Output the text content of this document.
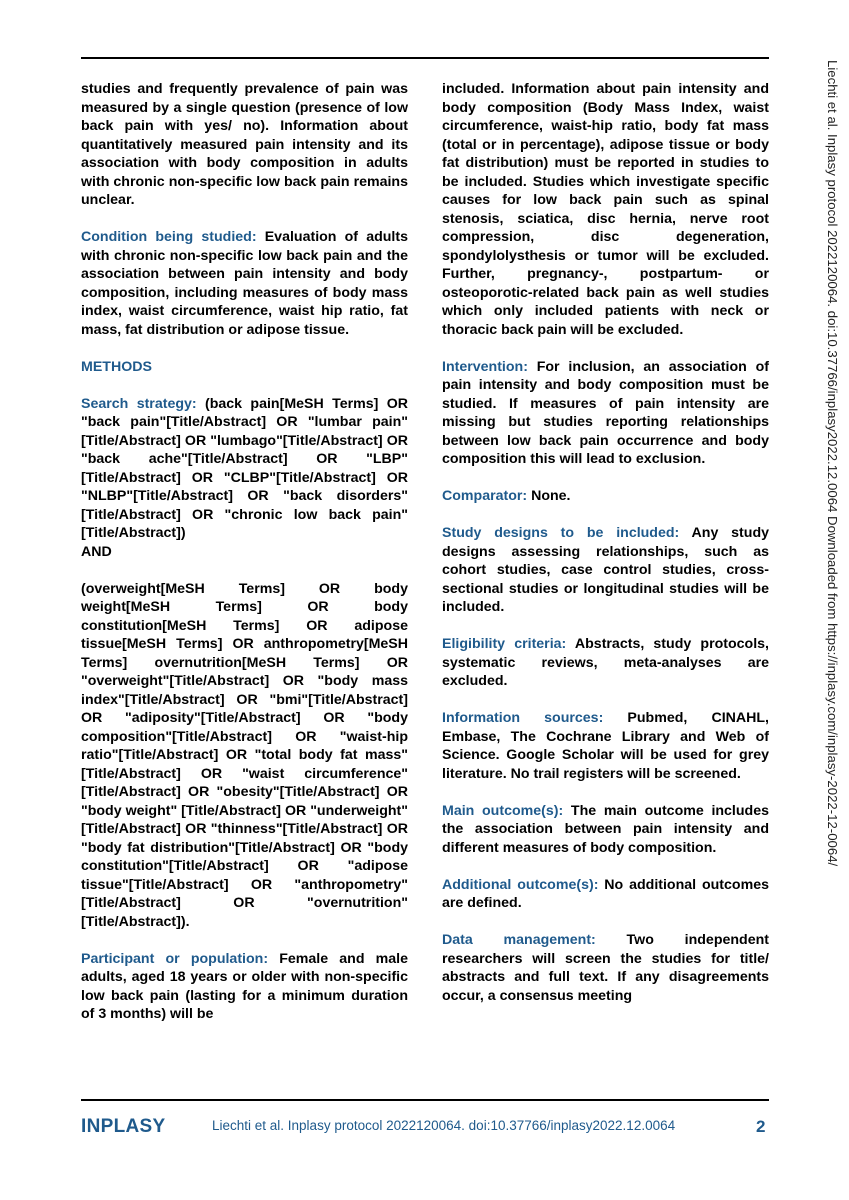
studies and frequently prevalence of pain was measured by a single question (presence of low back pain with yes/ no). Information about quantitatively measured pain intensity and its association with body composition in adults with chronic non-specific low back pain remains unclear.

Condition being studied: Evaluation of adults with chronic non-specific low back pain and the association between pain intensity and body composition, including measures of body mass index, waist circumference, waist hip ratio, fat mass, fat distribution or adipose tissue.

METHODS

Search strategy: (back pain[MeSH Terms] OR "back pain"[Title/Abstract] OR "lumbar pain"[Title/Abstract] OR "lumbago"[Title/Abstract] OR "back ache"[Title/Abstract] OR "LBP"[Title/Abstract] OR "CLBP"[Title/Abstract] OR "NLBP"[Title/Abstract] OR "back disorders"[Title/Abstract] OR "chronic low back pain"[Title/Abstract])

AND

(overweight[MeSH Terms] OR body weight[MeSH Terms] OR body constitution[MeSH Terms] OR adipose tissue[MeSH Terms] OR anthropometry[MeSH Terms] overnutrition[MeSH Terms] OR "overweight"[Title/Abstract] OR "body mass index"[Title/Abstract] OR "bmi"[Title/Abstract] OR "adiposity"[Title/Abstract] OR "body composition"[Title/Abstract] OR "waist-hip ratio"[Title/Abstract] OR "total body fat mass"[Title/Abstract] OR "waist circumference"[Title/Abstract] OR "obesity"[Title/Abstract] OR "body weight" [Title/Abstract] OR "underweight" [Title/Abstract] OR "thinness"[Title/Abstract] OR "body fat distribution"[Title/Abstract] OR "body constitution"[Title/Abstract] OR "adipose tissue"[Title/Abstract] OR "anthropometry"[Title/Abstract] OR "overnutrition"[Title/Abstract]).

Participant or population: Female and male adults, aged 18 years or older with non-specific low back pain (lasting for a minimum duration of 3 months) will be

included. Information about pain intensity and body composition (Body Mass Index, waist circumference, waist-hip ratio, body fat mass (total or in percentage), adipose tissue or body fat distribution) must be reported in studies to be included. Studies which investigate specific causes for low back pain such as spinal stenosis, sciatica, disc hernia, nerve root compression, disc degeneration, spondylolysthesis or tumor will be excluded. Further, pregnancy-, postpartum- or osteoporotic-related back pain as well studies which only included patients with neck or thoracic back pain will be excluded.

Intervention: For inclusion, an association of pain intensity and body composition must be studied. If measures of pain intensity are missing but studies reporting relationships between low back pain occurrence and body composition this will lead to exclusion.

Comparator: None.

Study designs to be included: Any study designs assessing relationships, such as cohort studies, case control studies, cross-sectional studies or longitudinal studies will be included.

Eligibility criteria: Abstracts, study protocols, systematic reviews, meta-analyses are excluded.

Information sources: Pubmed, CINAHL, Embase, The Cochrane Library and Web of Science. Google Scholar will be used for grey literature. No trail registers will be screened.

Main outcome(s): The main outcome includes the association between pain intensity and different measures of body composition.

Additional outcome(s): No additional outcomes are defined.

Data management: Two independent researchers will screen the studies for title/ abstracts and full text. If any disagreements occur, a consensus meeting

Liechti et al. Inplasy protocol 2022120064. doi:10.37766/inplasy2022.12.0064 Downloaded from https://inplasy.com/inplasy-2022-12-0064/
INPLASY	Liechti et al. Inplasy protocol 2022120064. doi:10.37766/inplasy2022.12.0064	2
